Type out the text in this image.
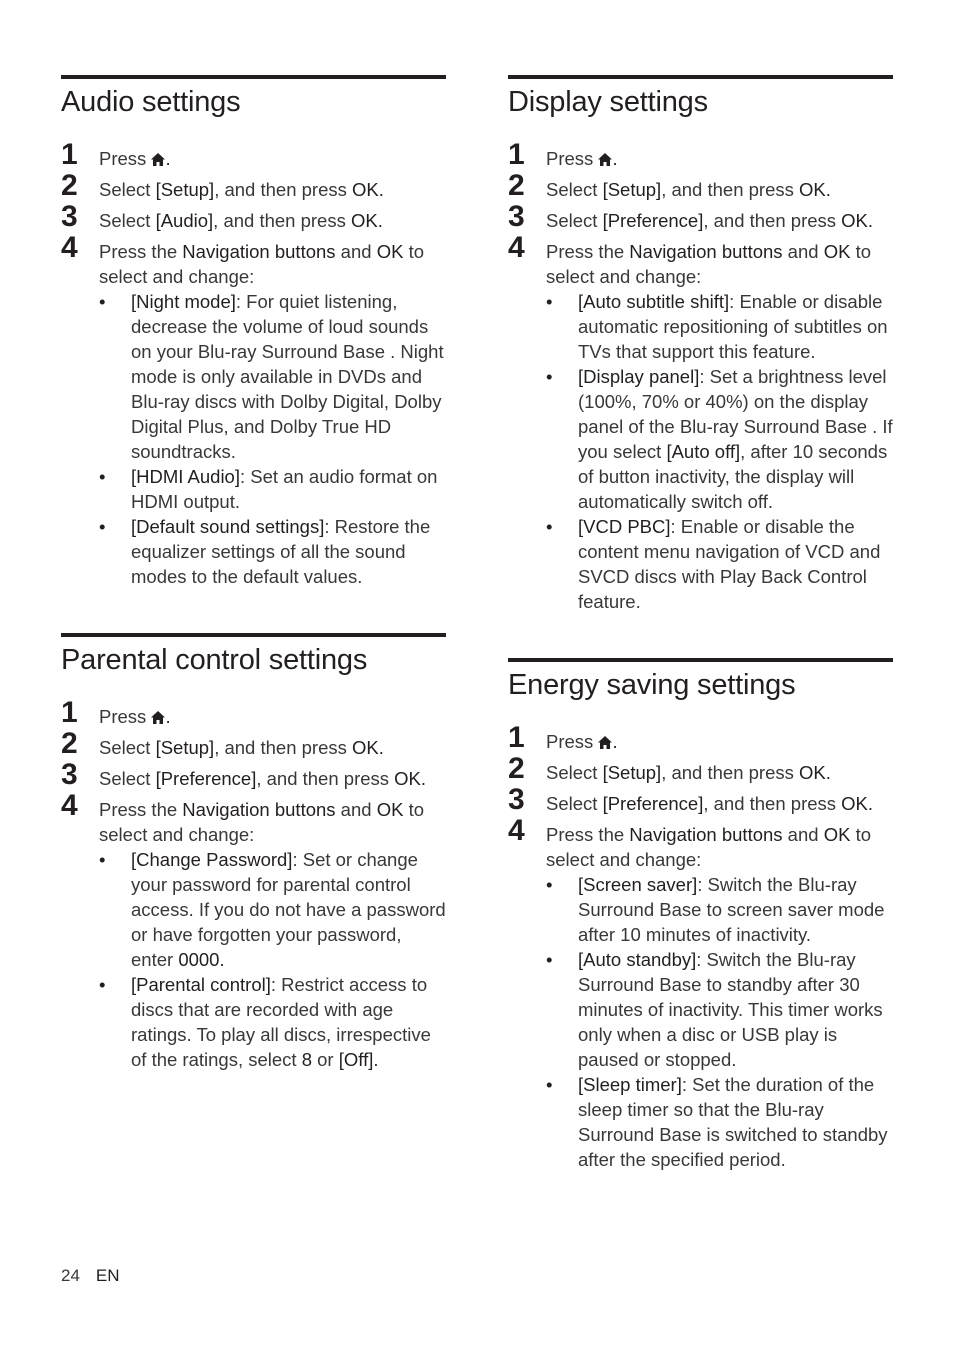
Audio settings
1 Press .
2 Select [Setup], and then press OK.
3 Select [Audio], and then press OK.
4 Press the Navigation buttons and OK to select and change:
• [Night mode]: For quiet listening, decrease the volume of loud sounds on your Blu-ray Surround Base . Night mode is only available in DVDs and Blu-ray discs with Dolby Digital, Dolby Digital Plus, and Dolby True HD soundtracks.
• [HDMI Audio]: Set an audio format on HDMI output.
• [Default sound settings]: Restore the equalizer settings of all the sound modes to the default values.
Parental control settings
1 Press .
2 Select [Setup], and then press OK.
3 Select [Preference], and then press OK.
4 Press the Navigation buttons and OK to select and change:
• [Change Password]: Set or change your password for parental control access. If you do not have a password or have forgotten your password, enter 0000.
• [Parental control]: Restrict access to discs that are recorded with age ratings. To play all discs, irrespective of the ratings, select 8 or [Off].
Display settings
1 Press .
2 Select [Setup], and then press OK.
3 Select [Preference], and then press OK.
4 Press the Navigation buttons and OK to select and change:
• [Auto subtitle shift]: Enable or disable automatic repositioning of subtitles on TVs that support this feature.
• [Display panel]: Set a brightness level (100%, 70% or 40%) on the display panel of the Blu-ray Surround Base . If you select [Auto off], after 10 seconds of button inactivity, the display will automatically switch off.
• [VCD PBC]: Enable or disable the content menu navigation of VCD and SVCD discs with Play Back Control feature.
Energy saving settings
1 Press .
2 Select [Setup], and then press OK.
3 Select [Preference], and then press OK.
4 Press the Navigation buttons and OK to select and change:
• [Screen saver]: Switch the Blu-ray Surround Base to screen saver mode after 10 minutes of inactivity.
• [Auto standby]: Switch the Blu-ray Surround Base to standby after 30 minutes of inactivity. This timer works only when a disc or USB play is paused or stopped.
• [Sleep timer]: Set the duration of the sleep timer so that the Blu-ray Surround Base is switched to standby after the specified period.
24 EN
